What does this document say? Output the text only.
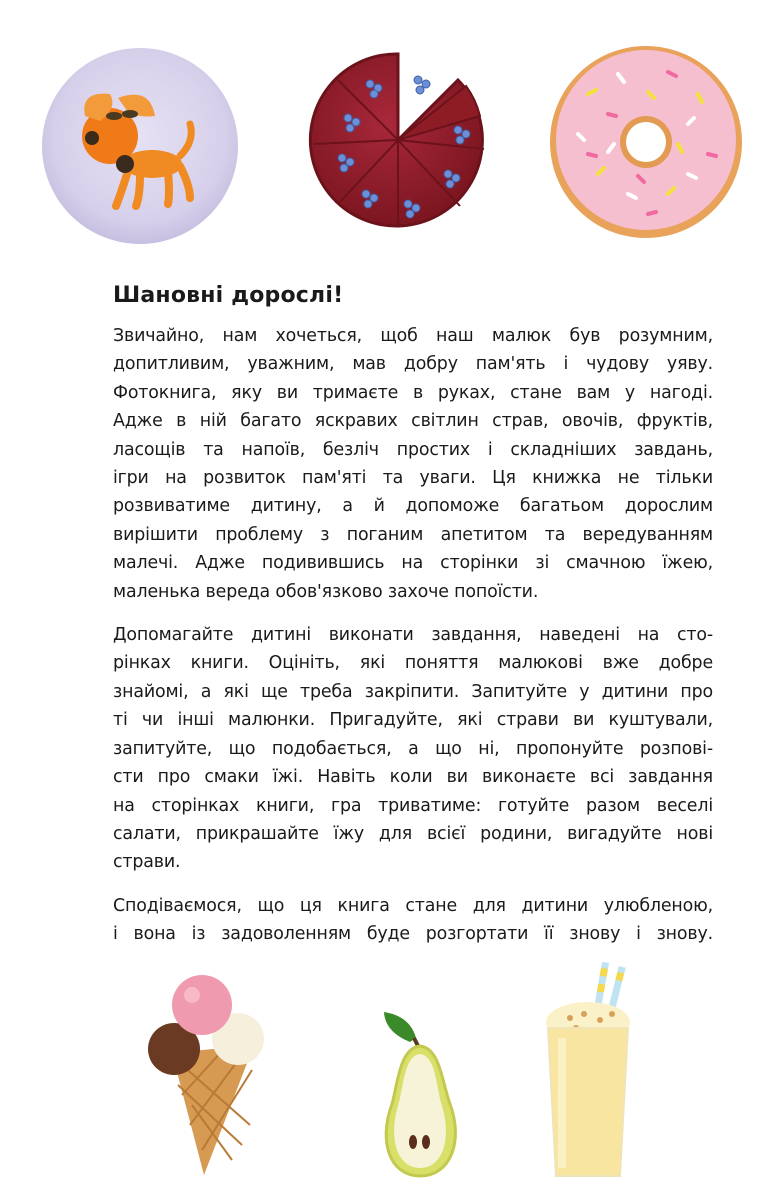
Шановні дорослі!
Звичайно, нам хочеться, щоб наш малюк був розумним,
допитливим, уважним, мав добру пам'ять і чудову уяву.
Фотокнига, яку ви тримаєте в руках, стане вам у нагоді.
Адже в ній багато яскравих світлин страв, овочів, фруктів,
ласощів та напоїв, безліч простих і складніших завдань,
ігри на розвиток пам'яті та уваги. Ця книжка не тільки
розвиватиме дитину, а й допоможе багатьом дорослим
вирішити проблему з поганим апетитом та вередуванням
малечі. Адже подивившись на сторінки зі смачною їжею,
маленька вереда обов'язково захоче попоїсти.
Допомагайте дитині виконати завдання, наведені на сто-
рінках книги. Оцініть, які поняття малюкові вже добре
знайомі, а які ще треба закріпити. Запитуйте у дитини про
ті чи інші малюнки. Пригадуйте, які страви ви куштували,
запитуйте, що подобається, а що ні, пропонуйте розпові-
сти про смаки їжі. Навіть коли ви виконаєте всі завдання
на сторінках книги, гра триватиме: готуйте разом веселі
салати, прикрашайте їжу для всієї родини, вигадуйте нові
страви.
Сподіваємося, що ця книга стане для дитини улюбленою,
і вона із задоволенням буде розгортати її знову і знову.
